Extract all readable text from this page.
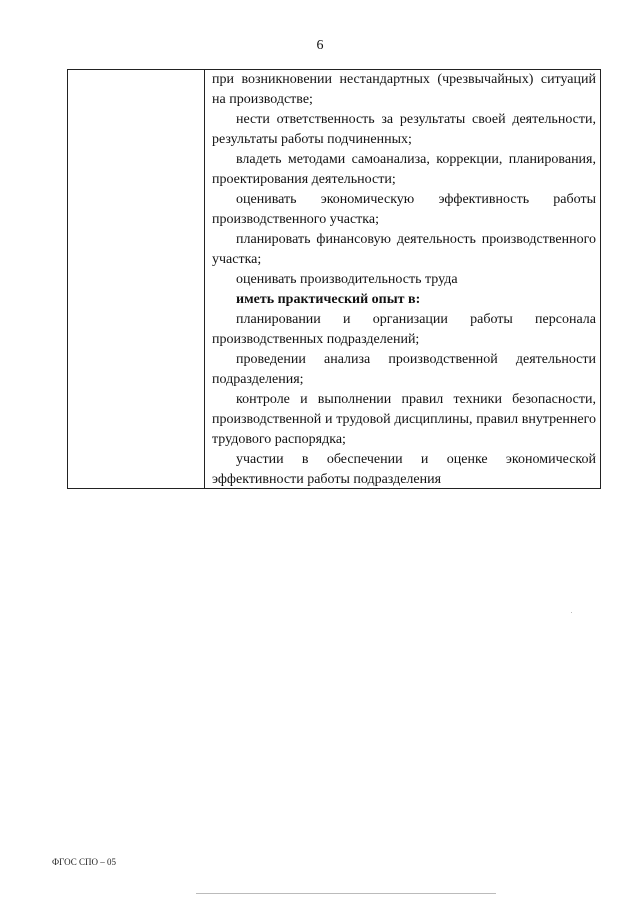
6

при возникновении нестандартных (чрезвычайных) ситуаций на производстве;

нести ответственность за результаты своей деятельности, результаты работы подчиненных;

владеть методами самоанализа, коррекции, планирования, проектирования деятельности;

оценивать экономическую эффективность работы производственного участка;

планировать финансовую деятельность производственного участка;

оценивать производительность труда

иметь практический опыт в:

планировании и организации работы персонала производственных подразделений;

проведении анализа производственной деятельности подразделения;

контроле и выполнении правил техники безопасности, производственной и трудовой дисциплины, правил внутреннего трудового распорядка;

участии в обеспечении и оценке экономической эффективности работы подразделения

ФГОС СПО – 05
